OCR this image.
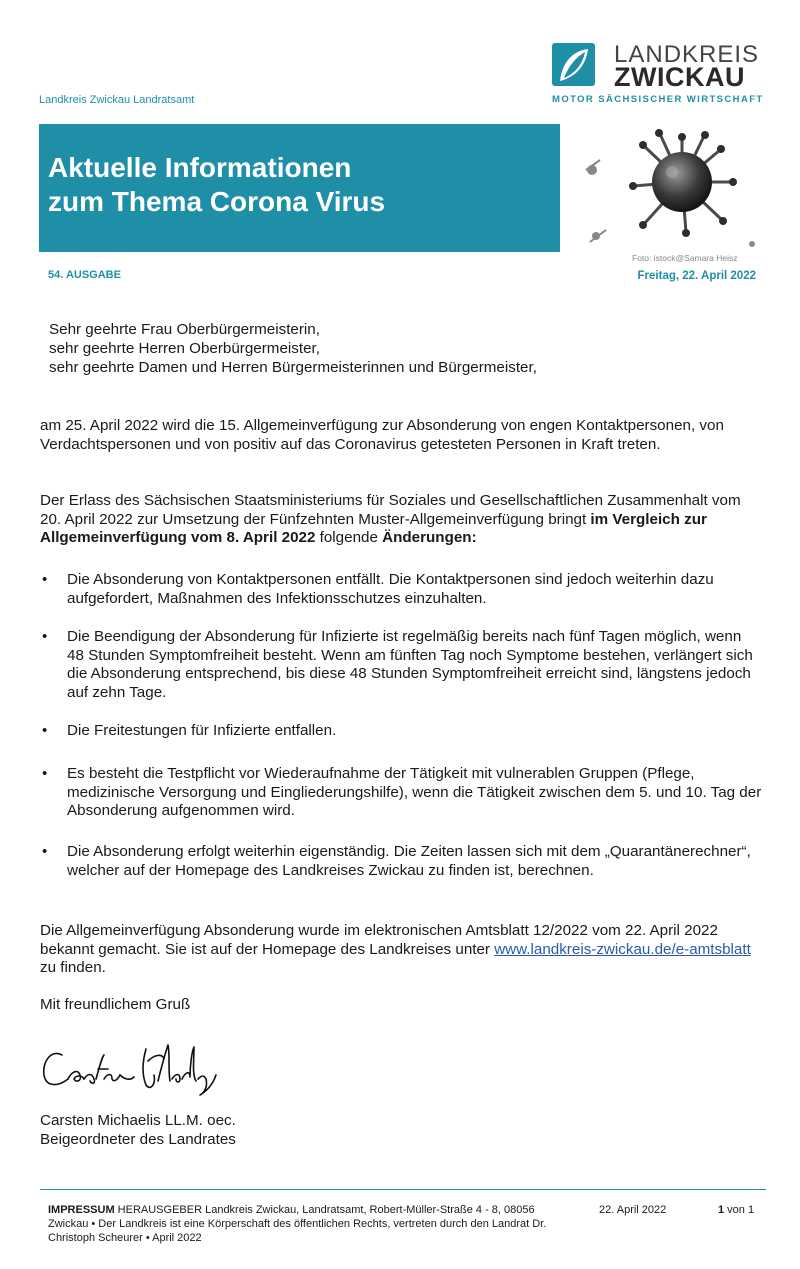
Landkreis Zwickau Landratsamt
LANDKREIS
ZWICKAU
MOTOR SÄCHSISCHER WIRTSCHAFT
Aktuelle Informationen
zum Thema Corona Virus
Foto: istock@Samara Heisz
54. AUSGABE	Freitag, 22. April 2022
Sehr geehrte Frau Oberbürgermeisterin,
sehr geehrte Herren Oberbürgermeister,
sehr geehrte Damen und Herren Bürgermeisterinnen und Bürgermeister,
am 25. April 2022 wird die 15. Allgemeinverfügung zur Absonderung von engen Kontaktpersonen, von Verdachtspersonen und von positiv auf das Coronavirus getesteten Personen in Kraft treten.
Der Erlass des Sächsischen Staatsministeriums für Soziales und Gesellschaftlichen Zusammenhalt vom 20. April 2022 zur Umsetzung der Fünfzehnten Muster-Allgemeinverfügung bringt im Vergleich zur Allgemeinverfügung vom 8. April 2022 folgende Änderungen:
• Die Absonderung von Kontaktpersonen entfällt. Die Kontaktpersonen sind jedoch weiterhin dazu aufgefordert, Maßnahmen des Infektionsschutzes einzuhalten.
• Die Beendigung der Absonderung für Infizierte ist regelmäßig bereits nach fünf Tagen möglich, wenn 48 Stunden Symptomfreiheit besteht. Wenn am fünften Tag noch Symptome bestehen, verlängert sich die Absonderung entsprechend, bis diese 48 Stunden Symptomfreiheit erreicht sind, längstens jedoch auf zehn Tage.
• Die Freitestungen für Infizierte entfallen.
• Es besteht die Testpflicht vor Wiederaufnahme der Tätigkeit mit vulnerablen Gruppen (Pflege, medizinische Versorgung und Eingliederungshilfe), wenn die Tätigkeit zwischen dem 5. und 10. Tag der Absonderung aufgenommen wird.
• Die Absonderung erfolgt weiterhin eigenständig. Die Zeiten lassen sich mit dem „Quarantänerechner“, welcher auf der Homepage des Landkreises Zwickau zu finden ist, berechnen.
Die Allgemeinverfügung Absonderung wurde im elektronischen Amtsblatt 12/2022 vom 22. April 2022 bekannt gemacht. Sie ist auf der Homepage des Landkreises unter www.landkreis-zwickau.de/e-amtsblatt zu finden.
Mit freundlichem Gruß
Carsten Michaelis LL.M. oec.
Beigeordneter des Landrates
IMPRESSUM HERAUSGEBER Landkreis Zwickau, Landratsamt, Robert-Müller-Straße 4 - 8, 08056 Zwickau • Der Landkreis ist eine Körperschaft des öffentlichen Rechts, vertreten durch den Landrat Dr. Christoph Scheurer • April 2022
22. April 2022	1 von 1
